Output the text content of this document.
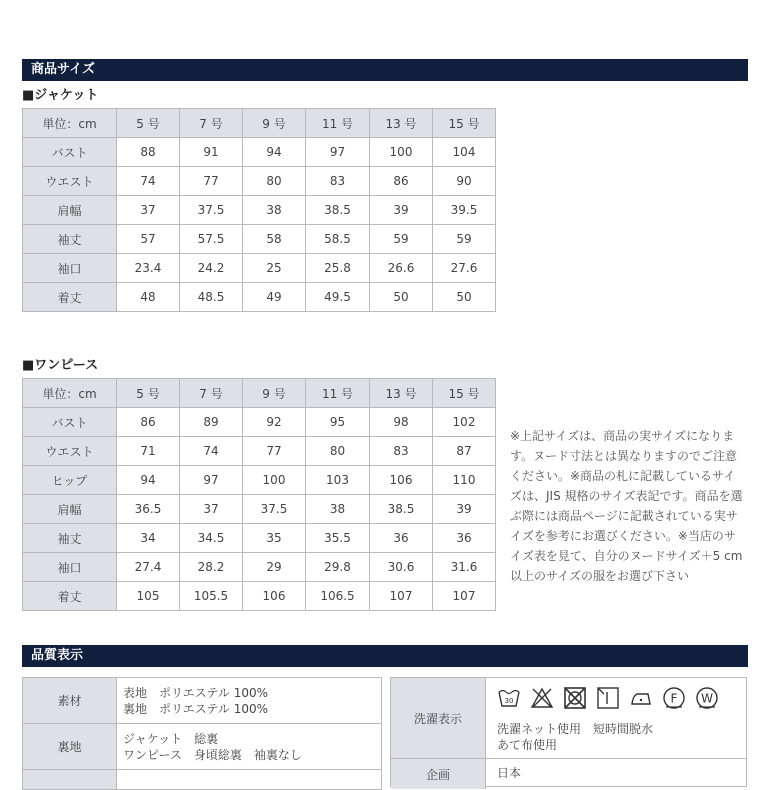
商品サイズ
■ジャケット
単位：cm	5 号	7 号	9 号	11 号	13 号	15 号
バスト	88	91	94	97	100	104
ウエスト	74	77	80	83	86	90
肩幅	37	37.5	38	38.5	39	39.5
袖丈	57	57.5	58	58.5	59	59
袖口	23.4	24.2	25	25.8	26.6	27.6
着丈	48	48.5	49	49.5	50	50
■ワンピース
単位：cm	5 号	7 号	9 号	11 号	13 号	15 号
バスト	86	89	92	95	98	102
ウエスト	71	74	77	80	83	87
ヒップ	94	97	100	103	106	110
肩幅	36.5	37	37.5	38	38.5	39
袖丈	34	34.5	35	35.5	36	36
袖口	27.4	28.2	29	29.8	30.6	31.6
着丈	105	105.5	106	106.5	107	107
※上記サイズは、商品の実サイズになります。ヌード寸法とは異なりますのでご注意ください。※商品の札に記載しているサイズは、JIS 規格のサイズ表記です。商品を選ぶ際には商品ページに記載されている実サイズを参考にお選びください。※当店のサイズ表を見て、自分のヌードサイズ＋5 cm 以上のサイズの服をお選び下さい
品質表示
素材	表地　ポリエステル 100%
裏地　ポリエステル 100%

裏地	ジャケット　総裏
ワンピース　身頃総裏　袖裏なし

洗濯表示
30	F W
洗濯ネット使用　短時間脱水
あて布使用
企画	日本
